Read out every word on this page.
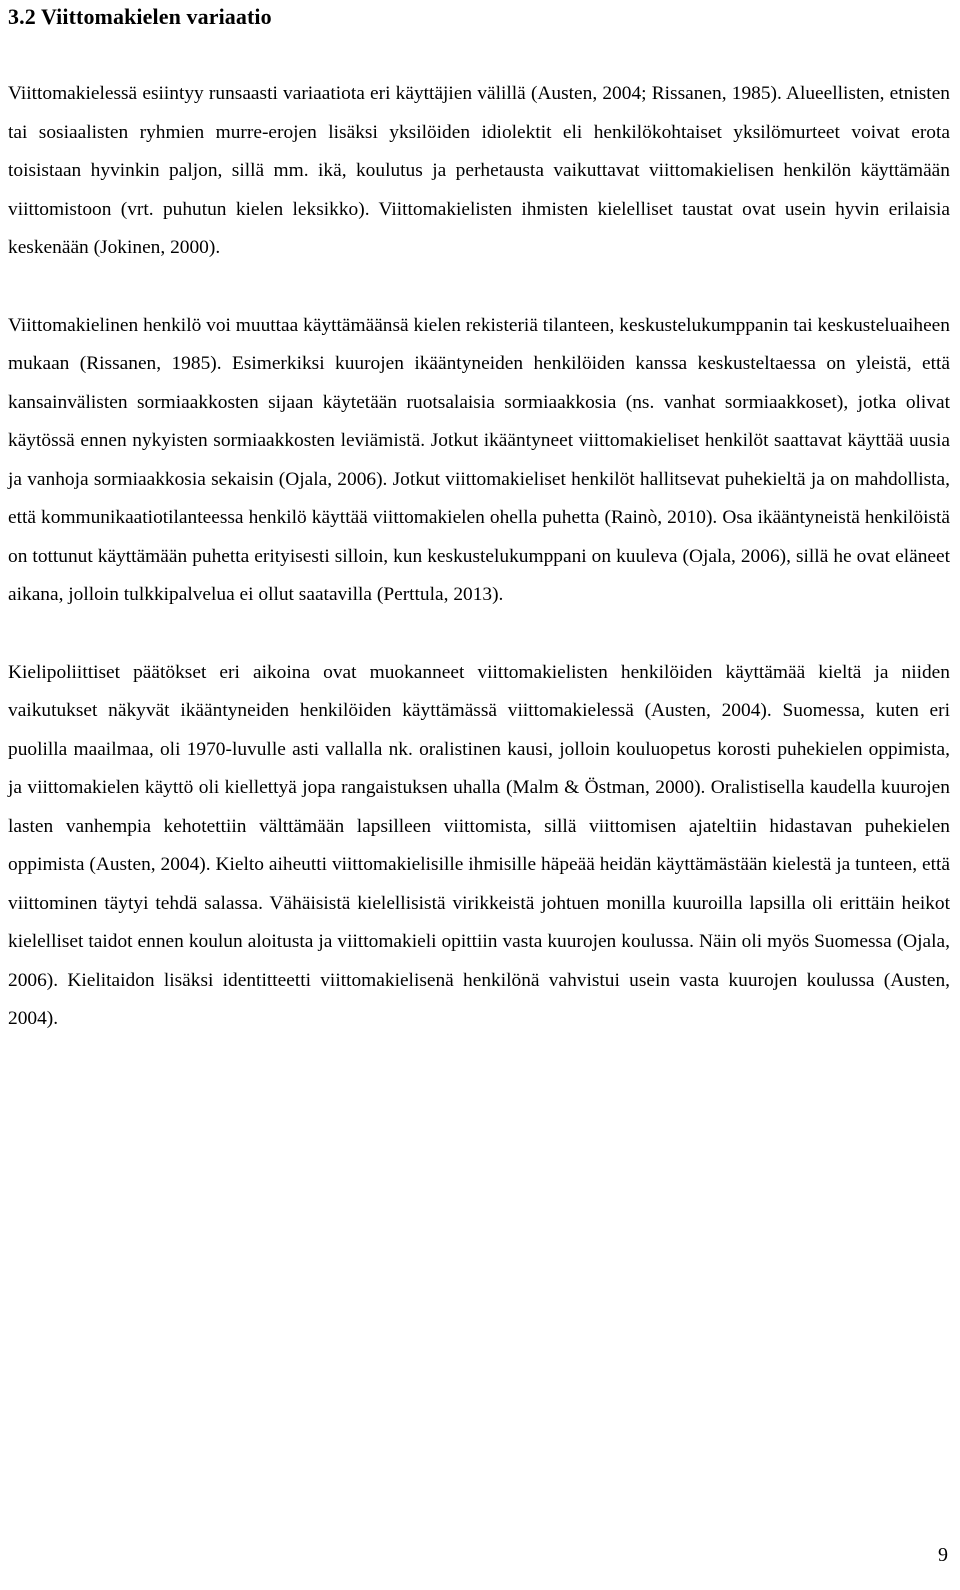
3.2 Viittomakielen variaatio

Viittomakielessä esiintyy runsaasti variaatiota eri käyttäjien välillä (Austen, 2004; Rissanen, 1985). Alueellisten, etnisten tai sosiaalisten ryhmien murre-erojen lisäksi yksilöiden idiolektit eli henkilökohtaiset yksilömurteet voivat erota toisistaan hyvinkin paljon, sillä mm. ikä, koulutus ja perhetausta vaikuttavat viittomakielisen henkilön käyttämään viittomistoon (vrt. puhutun kielen leksikko). Viittomakielisten ihmisten kielelliset taustat ovat usein hyvin erilaisia keskenään (Jokinen, 2000).

Viittomakielinen henkilö voi muuttaa käyttämäänsä kielen rekisteriä tilanteen, keskustelukumppanin tai keskusteluaiheen mukaan (Rissanen, 1985). Esimerkiksi kuurojen ikääntyneiden henkilöiden kanssa keskusteltaessa on yleistä, että kansainvälisten sormiaakkosten sijaan käytetään ruotsalaisia sormiaakkosia (ns. vanhat sormiaakkoset), jotka olivat käytössä ennen nykyisten sormiaakkosten leviämistä. Jotkut ikääntyneet viittomakieliset henkilöt saattavat käyttää uusia ja vanhoja sormiaakkosia sekaisin (Ojala, 2006). Jotkut viittomakieliset henkilöt hallitsevat puhekieltä ja on mahdollista, että kommunikaatiotilanteessa henkilö käyttää viittomakielen ohella puhetta (Rainò, 2010). Osa ikääntyneistä henkilöistä on tottunut käyttämään puhetta erityisesti silloin, kun keskustelukumppani on kuuleva (Ojala, 2006), sillä he ovat eläneet aikana, jolloin tulkkipalvelua ei ollut saatavilla (Perttula, 2013).

Kielipoliittiset päätökset eri aikoina ovat muokanneet viittomakielisten henkilöiden käyttämää kieltä ja niiden vaikutukset näkyvät ikääntyneiden henkilöiden käyttämässä viittomakielessä (Austen, 2004). Suomessa, kuten eri puolilla maailmaa, oli 1970-luvulle asti vallalla nk. oralistinen kausi, jolloin kouluopetus korosti puhekielen oppimista, ja viittomakielen käyttö oli kiellettyä jopa rangaistuksen uhalla (Malm & Östman, 2000). Oralistisella kaudella kuurojen lasten vanhempia kehotettiin välttämään lapsilleen viittomista, sillä viittomisen ajateltiin hidastavan puhekielen oppimista (Austen, 2004). Kielto aiheutti viittomakielisille ihmisille häpeää heidän käyttämästään kielestä ja tunteen, että viittominen täytyi tehdä salassa. Vähäisistä kielellisistä virikkeistä johtuen monilla kuuroilla lapsilla oli erittäin heikot kielelliset taidot ennen koulun aloitusta ja viittomakieli opittiin vasta kuurojen koulussa. Näin oli myös Suomessa (Ojala, 2006). Kielitaidon lisäksi identitteetti viittomakielisenä henkilönä vahvistui usein vasta kuurojen koulussa (Austen, 2004).

9
